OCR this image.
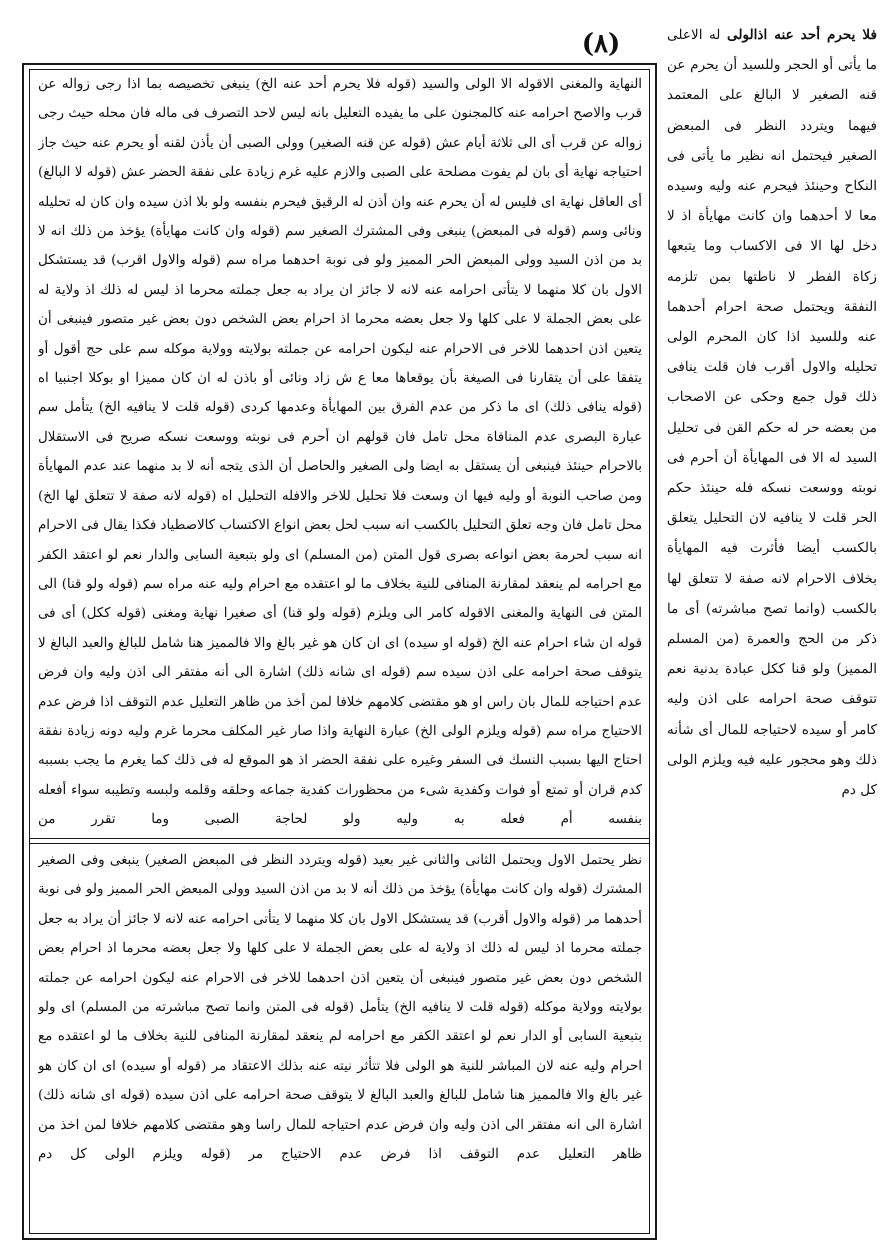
(٨)	فلا يحرم أحد عنه اذالولى له الاعلى ما يأتى أو الحجر وللسيد أن يحرم عن قنه الصغير لا البالغ على المعتمد فيهما ويتردد النظر فى المبعض الصغير فيحتمل انه نظير ما يأتى فى النكاح وحينئذ فيحرم عنه وليه وسيده معا لا أحدهما وان كانت مهايأة اذ لا دخل لها الا فى الاكساب وما يتبعها زكاة الفطر لا ناطتها بمن تلزمه النفقة ويحتمل صحة احرام أحدهما عنه وللسيد اذا كان المحرم الولى تحليله والاول أقرب فان قلت ينافى ذلك قول جمع وحكى عن الاصحاب من بعضه حر له حكم القن فى تحليل السيد له الا فى المهايأة أن أحرم فى نوبته ووسعت نسكه فله حينئذ حكم الحر قلت لا ينافيه لان التحليل يتعلق بالكسب أيضا فأثرت فيه المهايأة بخلاف الاحرام لانه صفة لا تتعلق لها بالكسب (وانما تصح مباشرته) أى ما ذكر من الحج والعمرة (من المسلم المميز) ولو قنا ككل عبادة بدنية نعم تتوقف صحة احرامه على اذن وليه كامر أو سيده لاحتياجه للمال أى شأنه ذلك وهو محجور عليه فيه ويلزم الولى كل دم

النهاية والمغنى الاقوله الا الولى والسيد (قوله فلا يحرم أحد عنه الخ) ينبغى تخصيصه بما اذا رجى زواله عن قرب والاصح احرامه عنه كالمجنون على ما يفيده التعليل بانه ليس لاحد التصرف فى ماله فان محله حيث رجى زواله عن قرب أى الى ثلاثة أيام عش (قوله عن قنه الصغير) وولى الصبى أن يأذن لقنه أو يحرم عنه حيث جاز احتياجه نهاية أى بان لم يفوت مصلحة على الصبى والازم عليه غرم زيادة على نفقة الحضر عش (قوله لا البالغ) أى العاقل نهاية اى فليس له أن يحرم عنه وان أذن له الرقيق فيحرم بنفسه ولو بلا اذن سيده وان كان له تحليله ونائى وسم (قوله فى المبعض) ينبغى وفى المشترك الصغير سم (قوله وان كانت مهايأة) يؤخذ من ذلك انه لا بد من اذن السيد وولى المبعض الحر المميز ولو فى نوبة احدهما مراه سم (قوله والاول اقرب) قد يستشكل الاول بان كلا منهما لا يتأتى احرامه عنه لانه لا جائز ان يراد به جعل جملته محرما اذ ليس له ذلك اذ ولاية له على بعض الجملة لا على كلها ولا جعل بعضه محرما اذ احرام بعض الشخص دون بعض غير متصور فينبغى أن يتعين اذن احدهما للاخر فى الاحرام عنه ليكون احرامه عن جملته بولايته وولاية موكله سم على حج أقول أو يتفقا على أن يتقارنا فى الصيغة بأن يوقعاها معا ع ش زاد ونائى أو باذن له ان كان مميزا او بوكلا اجنبيا اه (قوله ينافى ذلك) اى ما ذكر من عدم الفرق بين المهايأة وعدمها كردى (قوله قلت لا ينافيه الخ) يتأمل سم عبارة البصرى عدم المنافاة محل تامل فان قولهم ان أحرم فى نوبته ووسعت نسكه صريح فى الاستقلال بالاحرام حينئذ فينبغى أن يستقل به ايضا ولى الصغير والحاصل أن الذى يتجه أنه لا بد منهما عند عدم المهايأة ومن صاحب النوبة أو وليه فيها ان وسعت فلا تحليل للاخر والافله التحليل اه (قوله لانه صفة لا تتعلق لها الخ) محل تامل فان وجه تعلق التحليل بالكسب انه سبب لحل بعض انواع الاكتساب كالاصطياد فكذا يقال فى الاحرام انه سبب لحرمة بعض انواعه بصرى قول المتن (من المسلم) اى ولو بتبعية السابى والدار نعم لو اعتقد الكفر مع احرامه لم ينعقد لمقارنة المنافى للنية بخلاف ما لو اعتقده مع احرام وليه عنه مراه سم (قوله ولو قنا) الى المتن فى النهاية والمغنى الاقوله كامر الى ويلزم (قوله ولو قنا) أى صغيرا نهاية ومغنى (قوله ككل) أى فى قوله ان شاء احرام عنه الخ (قوله او سيده) اى ان كان هو غير بالغ والا فالمميز هنا شامل للبالغ والعبد البالغ لا يتوقف صحة احرامه على اذن سيده سم (قوله اى شانه ذلك) اشارة الى أنه مفتقر الى اذن وليه وان فرض عدم احتياجه للمال بان راس او هو مقتضى كلامهم خلافا لمن أخذ من ظاهر التعليل عدم التوقف اذا فرض عدم الاحتياج مراه سم (قوله ويلزم الولى الخ) عبارة النهاية واذا صار غير المكلف محرما غرم وليه دونه زيادة نفقة احتاج اليها بسبب النسك فى السفر وغيره على نفقة الحضر اذ هو الموقع له فى ذلك كما يغرم ما يجب بسببه كدم قران أو تمتع أو فوات وكفدية شىء من محظورات كفدية جماعه وحلقه وقلمه ولبسه وتطيبه سواء أفعله بنفسه أم فعله به وليه ولو لحاجة الصبى وما تقرر من

نظر يحتمل الاول ويحتمل الثانى والثانى غير بعيد (قوله ويتردد النظر فى المبعض الصغير) ينبغى وفى الصغير المشترك (قوله وان كانت مهايأة) يؤخذ من ذلك أنه لا بد من اذن السيد وولى المبعض الحر المميز ولو فى نوبة أحدهما مر (قوله والاول أقرب) قد يستشكل الاول بان كلا منهما لا يتأتى احرامه عنه لانه لا جائز أن يراد به جعل جملته محرما اذ ليس له ذلك اذ ولاية له على بعض الجملة لا على كلها ولا جعل بعضه محرما اذ احرام بعض الشخص دون بعض غير متصور فينبغى أن يتعين اذن احدهما للاخر فى الاحرام عنه ليكون احرامه عن جملته بولايته وولاية موكله (قوله قلت لا ينافيه الخ) يتأمل (قوله فى المتن وانما تصح مباشرته من المسلم) اى ولو بتبعية السابى أو الدار نعم لو اعتقد الكفر مع احرامه لم ينعقد لمقارنة المنافى للنية بخلاف ما لو اعتقده مع احرام وليه عنه لان المباشر للنية هو الولى فلا تتأثر نيته عنه بذلك الاعتقاد مر (قوله أو سيده) اى ان كان هو غير بالغ والا فالمميز هنا شامل للبالغ والعبد البالغ لا يتوقف صحة احرامه على اذن سيده (قوله اى شانه ذلك) اشارة الى انه مفتقر الى اذن وليه وان فرض عدم احتياجه للمال راسا وهو مقتضى كلامهم خلافا لمن اخذ من ظاهر التعليل عدم التوقف اذا فرض عدم الاحتياج مر (قوله ويلزم الولى كل دم
